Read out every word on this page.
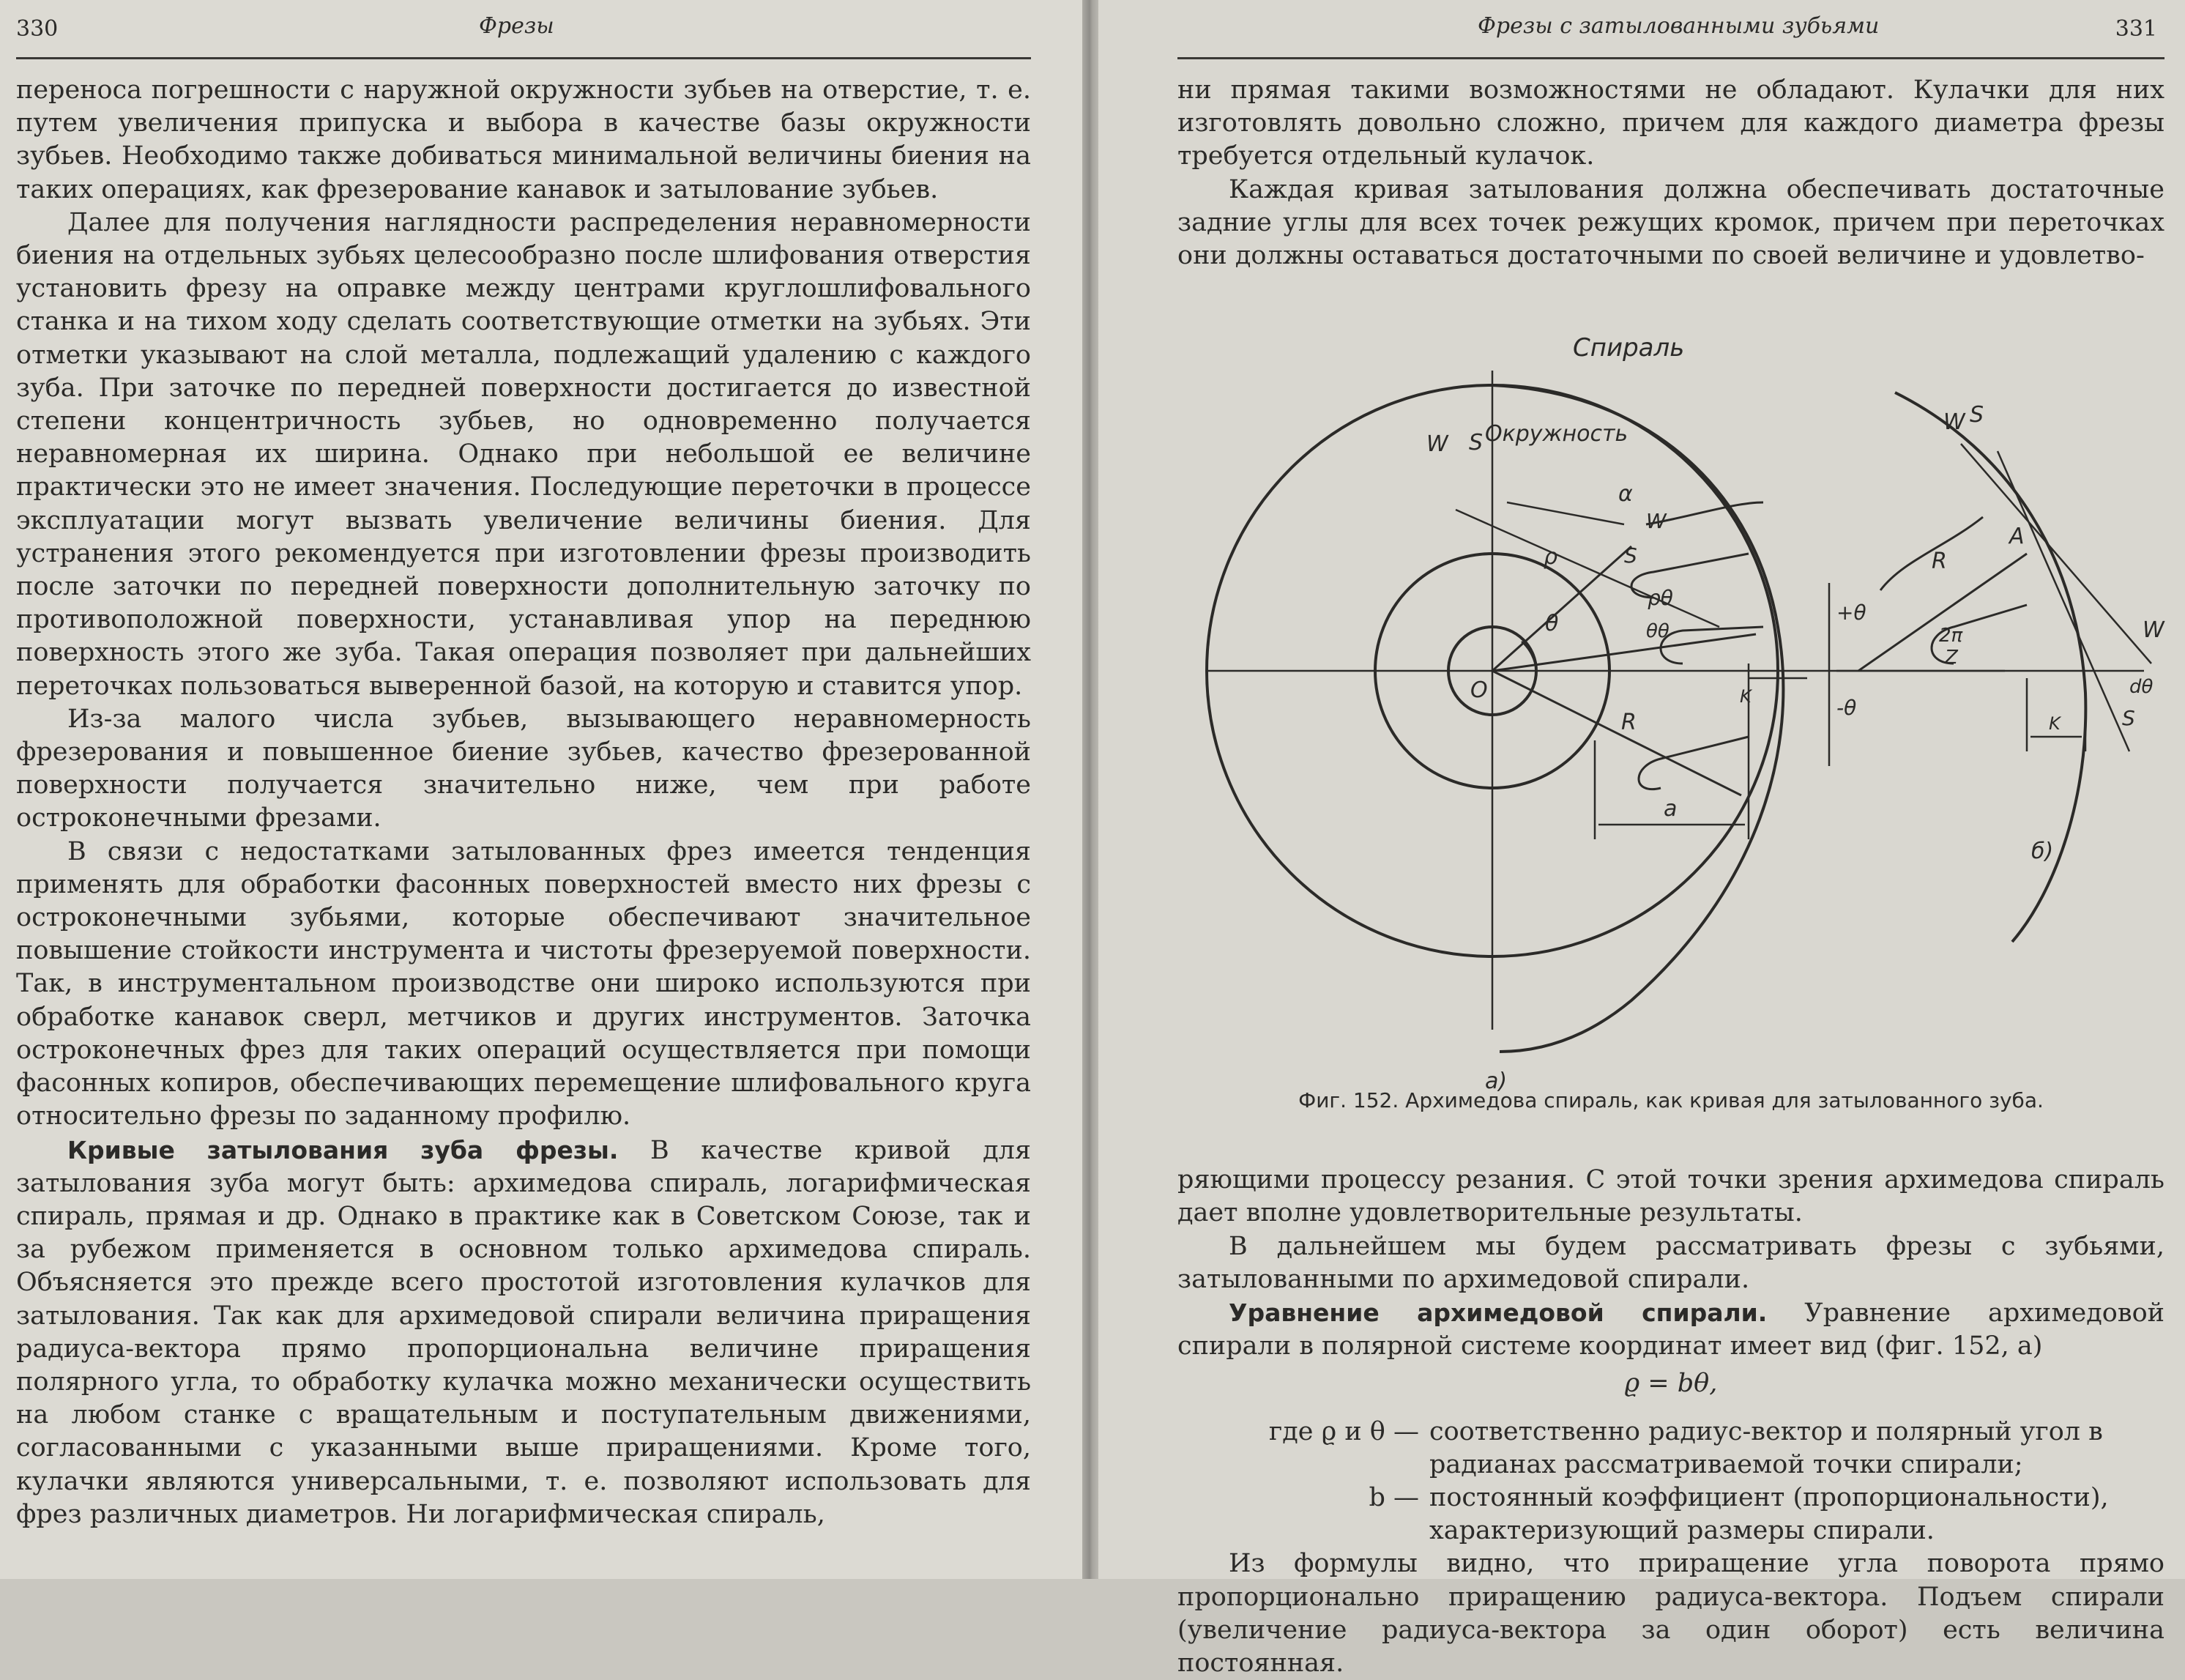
330	Фрезы

переноса погрешности с наружной окружности зубьев на отверстие, т. е. путем увеличения припуска и выбора в качестве базы окружности зубьев. Необходимо также добиваться минимальной величины биения на таких операциях, как фрезерование канавок и затылование зубьев.

Далее для получения наглядности распределения неравномерности биения на отдельных зубьях целесообразно после шлифования отверстия установить фрезу на оправке между центрами круглошлифовального станка и на тихом ходу сделать соответствующие отметки на зубьях. Эти отметки указывают на слой металла, подлежащий удалению с каждого зуба. При заточке по передней поверхности достигается до известной степени концентричность зубьев, но одновременно получается неравномерная их ширина. Однако при небольшой ее величине практически это не имеет значения. Последующие переточки в процессе эксплуатации могут вызвать увеличение величины биения. Для устранения этого рекомендуется при изготовлении фрезы производить после заточки по передней поверхности дополнительную заточку по противоположной поверхности, устанавливая упор на переднюю поверхность этого же зуба. Такая операция позволяет при дальнейших переточках пользоваться выверенной базой, на которую и ставится упор.

Из-за малого числа зубьев, вызывающего неравномерность фрезерования и повышенное биение зубьев, качество фрезерованной поверхности получается значительно ниже, чем при работе остроконечными фрезами.

В связи с недостатками затылованных фрез имеется тенденция применять для обработки фасонных поверхностей вместо них фрезы с остроконечными зубьями, которые обеспечивают значительное повышение стойкости инструмента и чистоты фрезеруемой поверхности. Так, в инструментальном производстве они широко используются при обработке канавок сверл, метчиков и других инструментов. Заточка остроконечных фрез для таких операций осуществляется при помощи фасонных копиров, обеспечивающих перемещение шлифовального круга относительно фрезы по заданному профилю.

Кривые затылования зуба фрезы. В качестве кривой для затылования зуба могут быть: архимедова спираль, логарифмическая спираль, прямая и др. Однако в практике как в Советском Союзе, так и за рубежом применяется в основном только архимедова спираль. Объясняется это прежде всего простотой изготовления кулачков для затылования. Так как для архимедовой спирали величина приращения радиуса-вектора прямо пропорциональна величине приращения полярного угла, то обработку кулачка можно механически осуществить на любом станке с вращательным и поступательным движениями, согласованными с указанными выше приращениями. Кроме того, кулачки являются универсальными, т. е. позволяют использовать для фрез различных диаметров. Ни логарифмическая спираль,

Фрезы с затылованными зубьями	331

ни прямая такими возможностями не обладают. Кулачки для них изготовлять довольно сложно, причем для каждого диаметра фрезы требуется отдельный кулачок.

Каждая кривая затылования должна обеспечивать достаточные задние углы для всех точек режущих кромок, причем при переточках они должны оставаться достаточными по своей величине и удовлетво-

Спираль
Окружность
W S
α
W
S
ρ
θ
ρθ
θθ
O
R
K
a
a)
W S
A
R
+θ
-θ
2π
Z
W
dθ
S
K
б)
Фиг. 152. Архимедова спираль, как кривая для затылованного зуба.

ряющими процессу резания. С этой точки зрения архимедова спираль дает вполне удовлетворительные результаты.

В дальнейшем мы будем рассматривать фрезы с зубьями, затылованными по архимедовой спирали.

Уравнение архимедовой спирали. Уравнение архимедовой спирали в полярной системе координат имеет вид (фиг. 152, a)

ϱ = bθ,
где ϱ и θ — соответственно радиус-вектор и полярный угол в радианах рассматриваемой точки спирали;
b — постоянный коэффициент (пропорциональности), характеризующий размеры спирали.

Из формулы видно, что приращение угла поворота прямо пропорционально приращению радиуса-вектора. Подъем спирали (увеличение радиуса-вектора за один оборот) есть величина постоянная.
